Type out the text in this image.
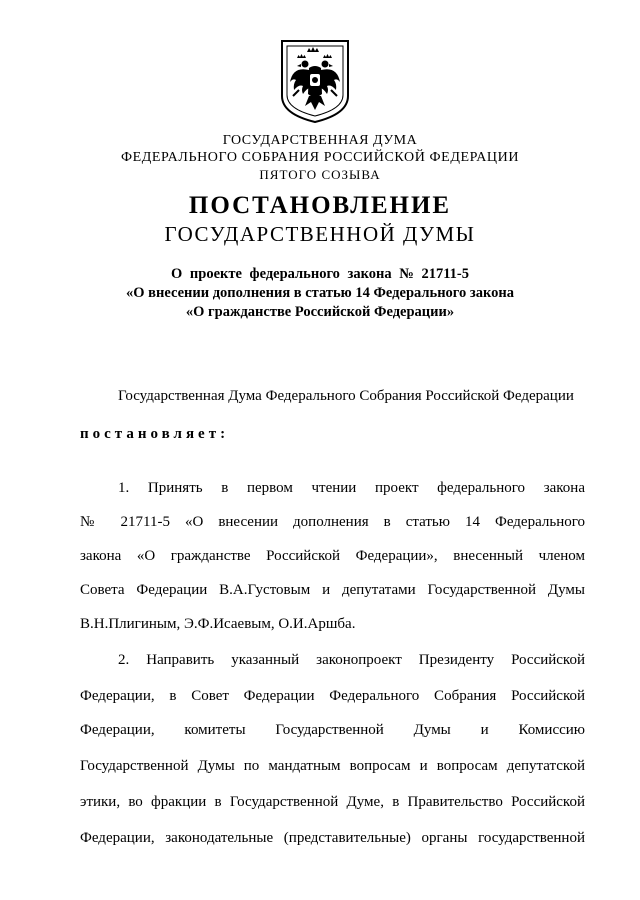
ГОСУДАРСТВЕННАЯ ДУМА
ФЕДЕРАЛЬНОГО СОБРАНИЯ РОССИЙСКОЙ ФЕДЕРАЦИИ
ПЯТОГО СОЗЫВА
ПОСТАНОВЛЕНИЕ
ГОСУДАРСТВЕННОЙ ДУМЫ
О проекте федерального закона № 21711-5
«О внесении дополнения в статью 14 Федерального закона
«О гражданстве Российской Федерации»
Государственная Дума Федерального Собрания Российской Федерации
постановляет:
1. Принять в первом чтении проект федерального закона
№ 21711-5 «О внесении дополнения в статью 14 Федерального
закона «О гражданстве Российской Федерации», внесенный членом
Совета Федерации В.А.Густовым и депутатами Государственной Думы
В.Н.Плигиным, Э.Ф.Исаевым, О.И.Аршба.
2. Направить указанный законопроект Президенту Российской
Федерации, в Совет Федерации Федерального Собрания Российской
Федерации, комитеты Государственной Думы и Комиссию
Государственной Думы по мандатным вопросам и вопросам депутатской
этики, во фракции в Государственной Думе, в Правительство Российской
Федерации, законодательные (представительные) органы государственной
